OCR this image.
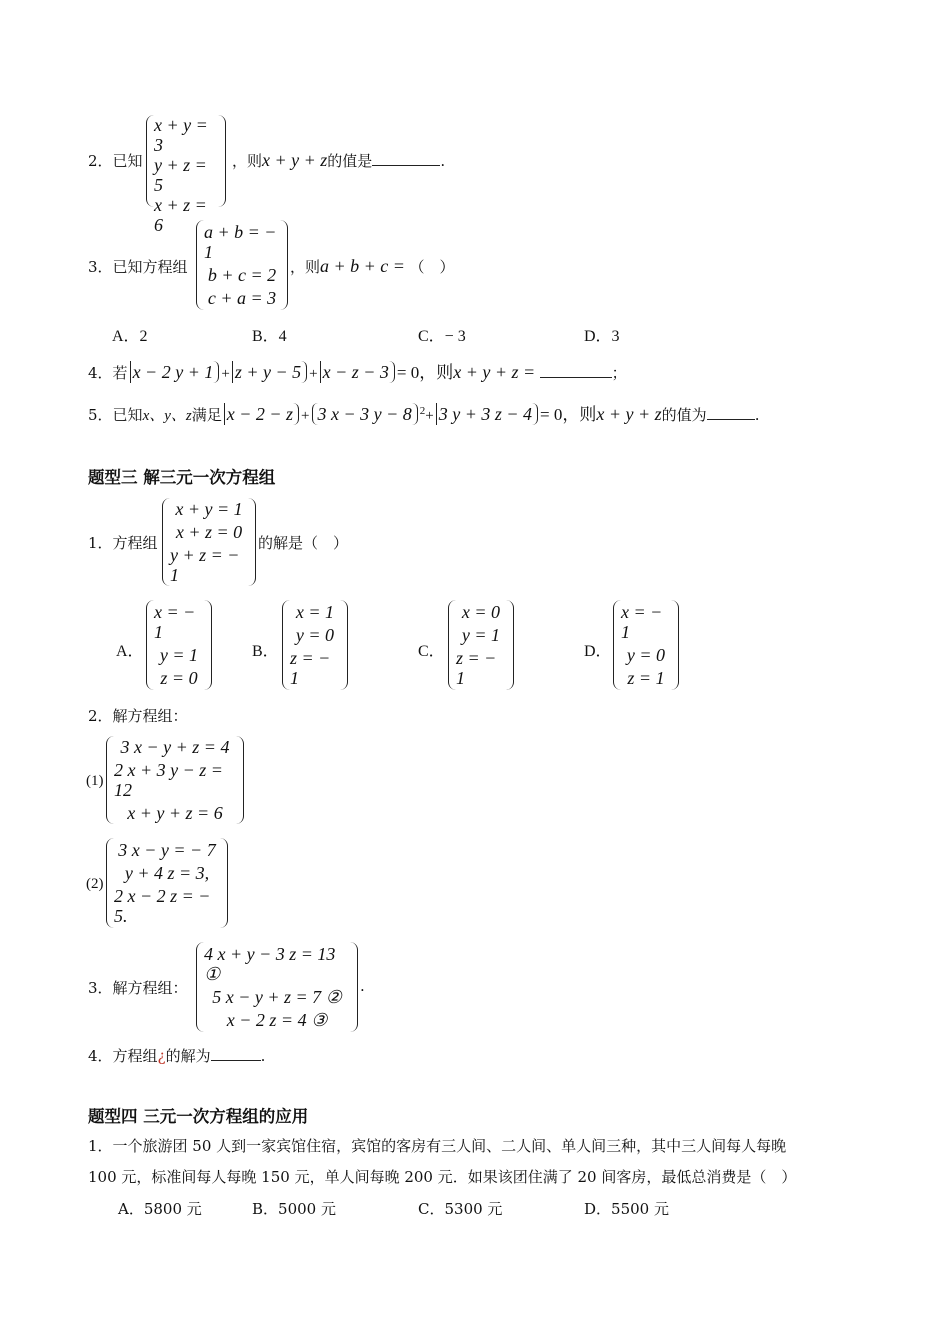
2．已知
x + y = 3
y + z = 5
x + z = 6
，则x + y + z的值是	.
3．已知方程组
a + b = − 1
b + c = 2
c + a = 3
，则a + b + c = （　）
A．2	B．4	C．− 3	D．3
4．若 x − 2 y + 1 + z + y − 5 + x − z − 3 = 0，则x + y + z =	；
5．已知x、y、z满足 x − 2 − z + 3 x − 3 y − 8 $^2$+ 3 y + 3 z − 4 = 0，则x + y + z的值为	.
题型三 解三元一次方程组
1．方程组
x + y = 1
x + z = 0
y + z = − 1
的解是（　）
A．
x = − 1
y = 1
z = 0
B．
x = 1
y = 0
z = − 1
C．
x = 0
y = 1
z = − 1
D．
x = − 1
y = 0
z = 1
2．解方程组：
(1)
3 x − y + z = 4
2 x + 3 y − z = 12
x + y + z = 6
(2)
3 x − y = − 7
y + 4 z = 3,
2 x − 2 z = − 5.
3．解方程组：
4 x + y − 3 z = 13 ①
5 x − y + z = 7 ②
x − 2 z = 4 ③
.
4．方程组¿的解为	.
题型四 三元一次方程组的应用
1．一个旅游团 50 人到一家宾馆住宿，宾馆的客房有三人间、二人间、单人间三种，其中三人间每人每晚
100 元，标准间每人每晚 150 元，单人间每晚 200 元．如果该团住满了 20 间客房，最低总消费是（　）
A．5800 元	B．5000 元	C．5300 元	D．5500 元
